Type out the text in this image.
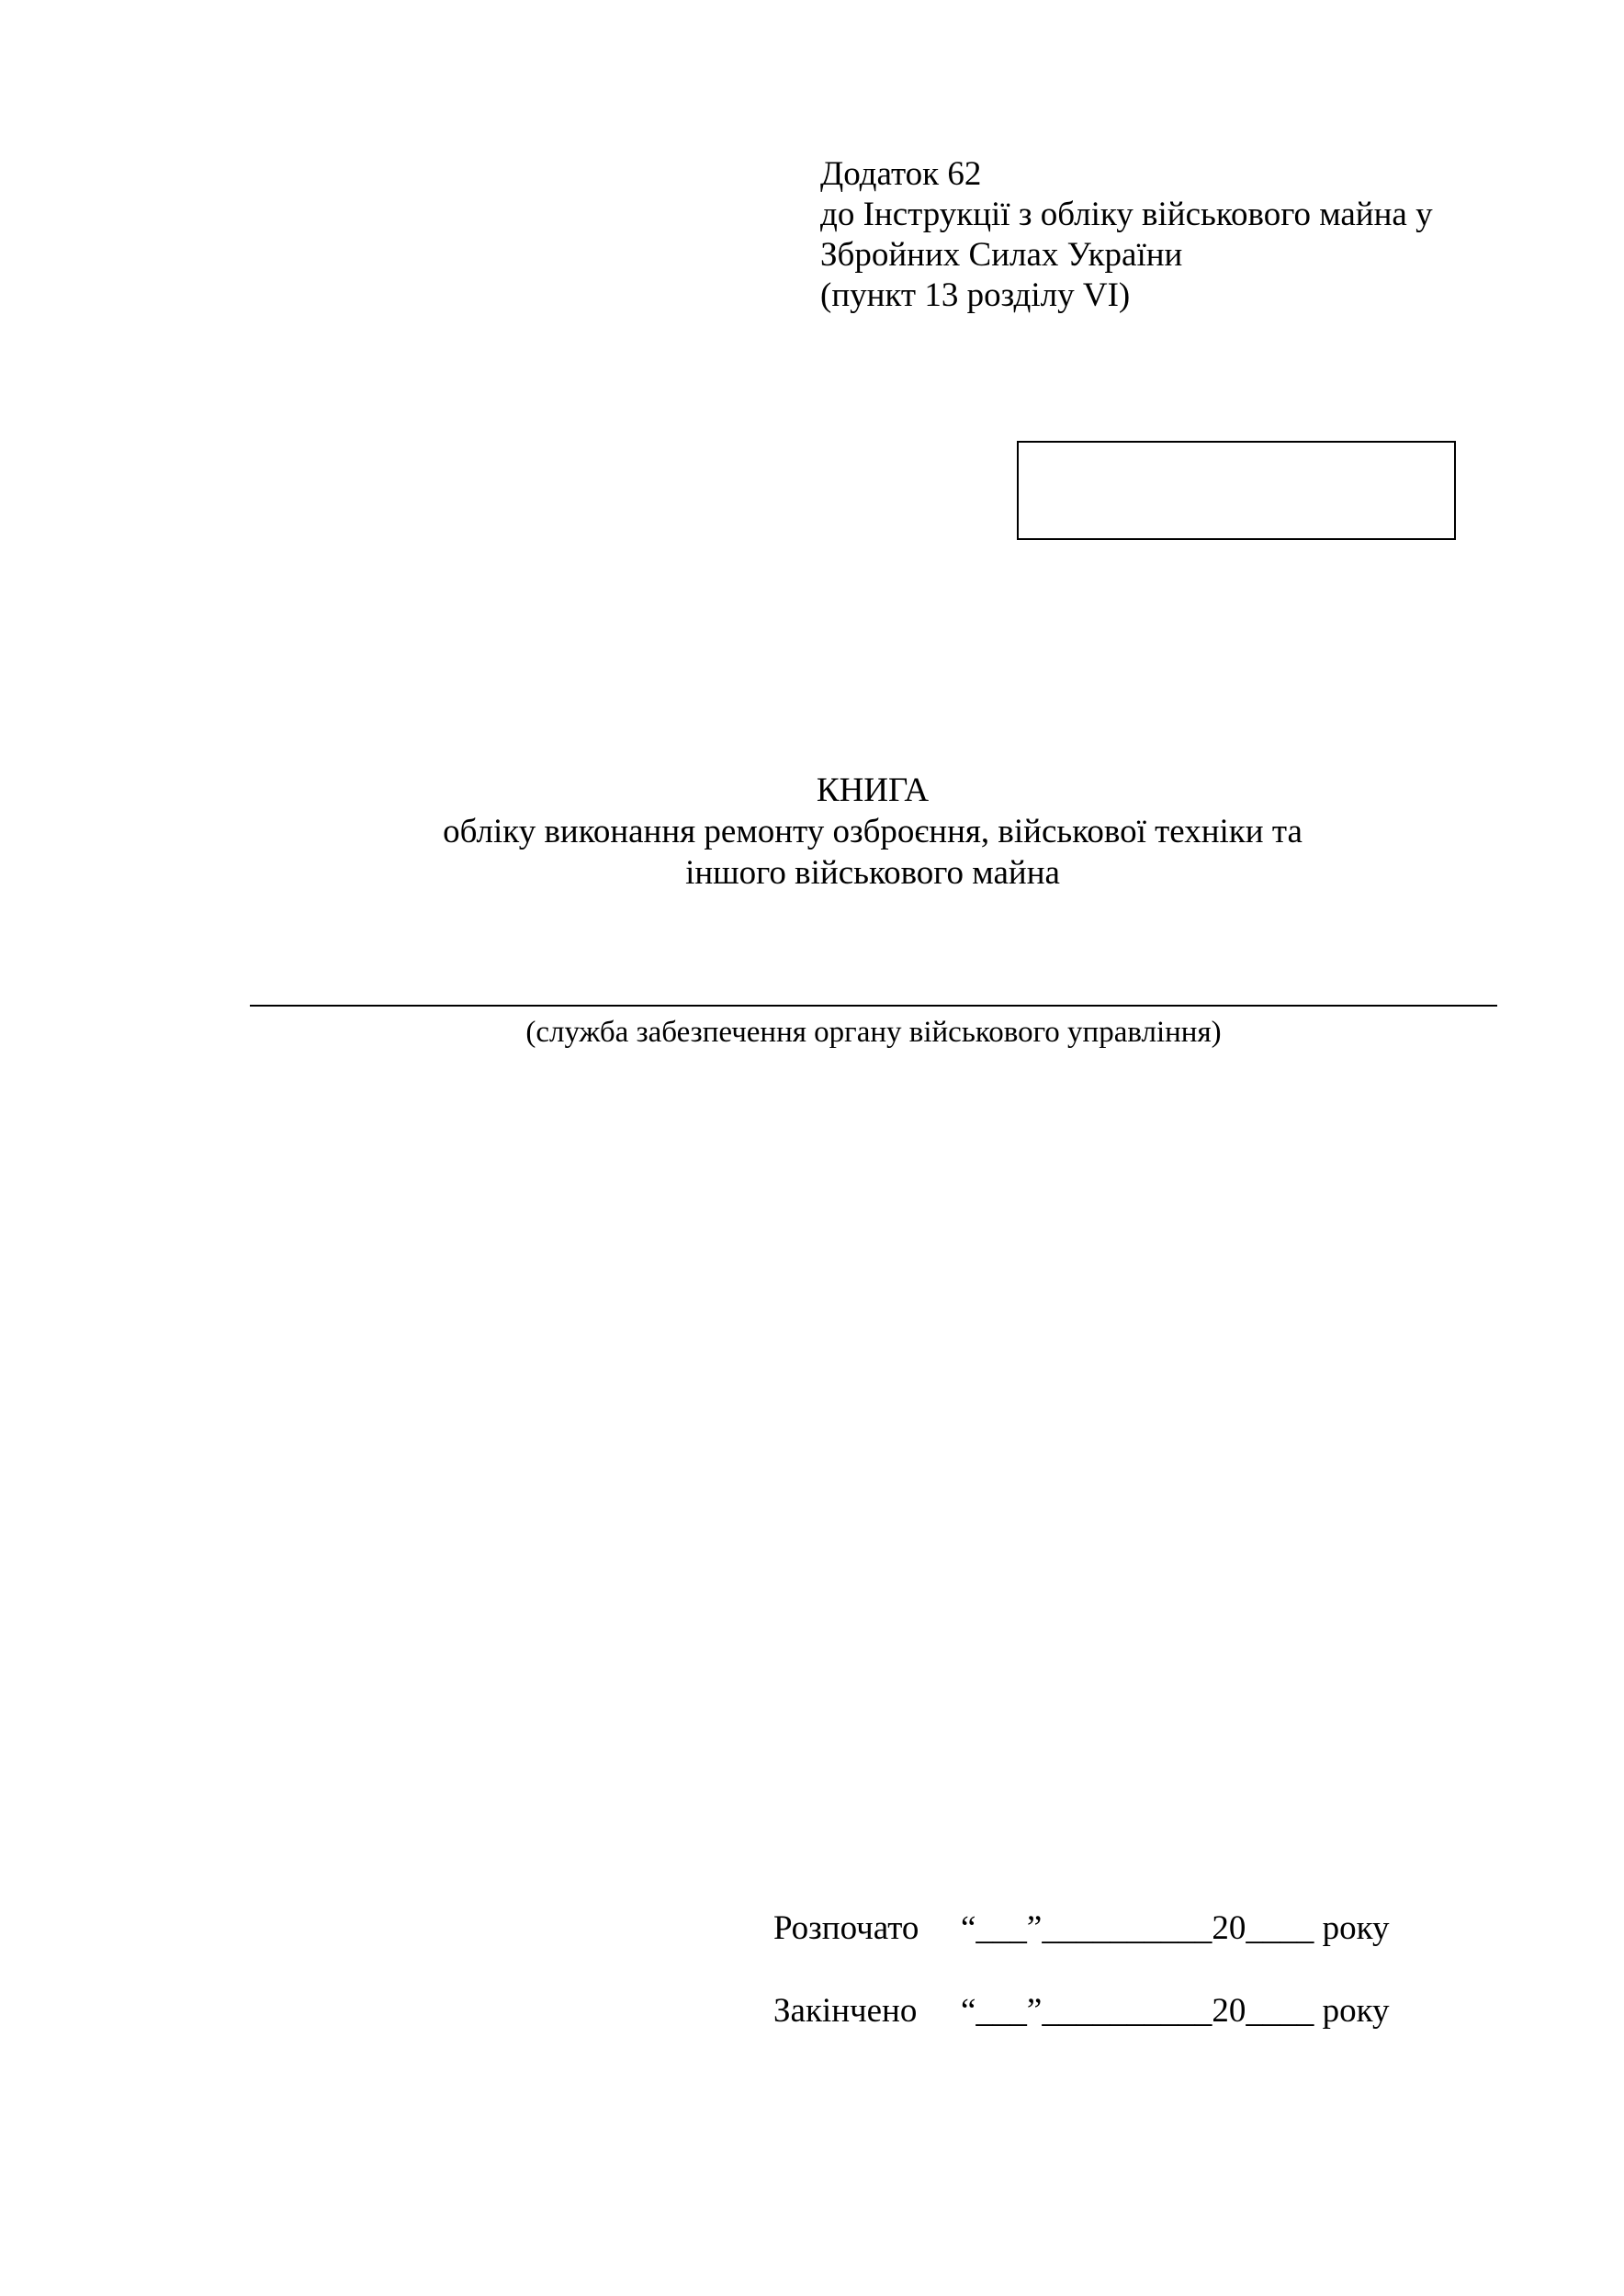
Додаток 62
до Інструкції з обліку військового майна у
Збройних Силах України
(пункт 13 розділу VI)
КНИГА
обліку виконання ремонту озброєння, військової техніки та
іншого військового майна
(служба забезпечення органу військового управління)
Розпочато “___”__________20____ року
Закінчено “___”__________20____ року
